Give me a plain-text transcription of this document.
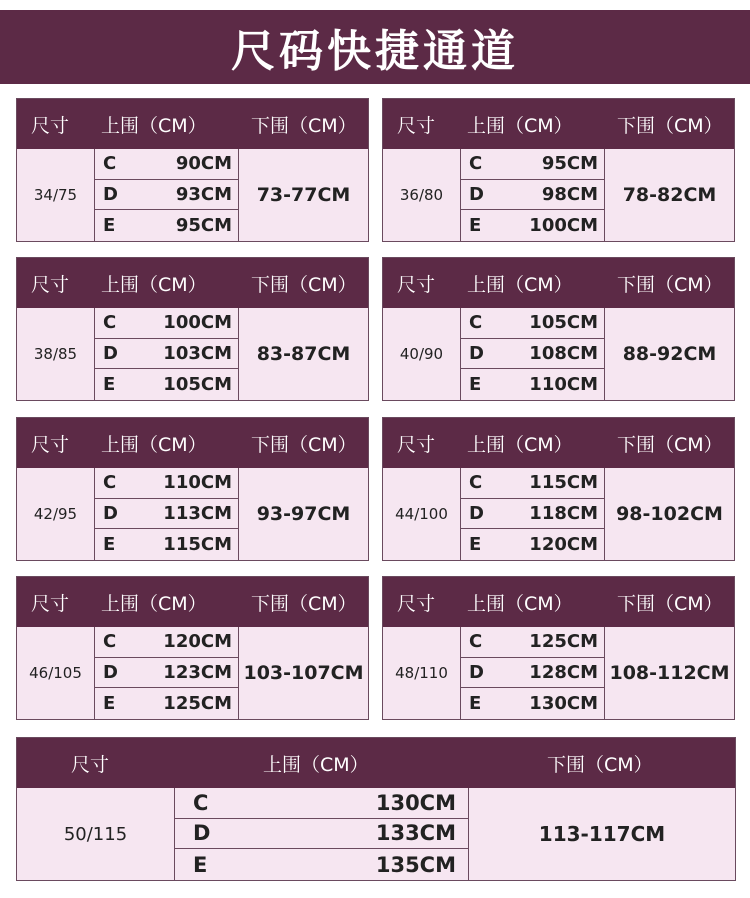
尺码快捷通道
尺寸 上围（CM） 下围（CM）
34/75
C	90CM
D	93CM
E	95CM
73-77CM
尺寸 上围（CM） 下围（CM）
36/80
C	95CM
D	98CM
E	100CM
78-82CM
尺寸 上围（CM） 下围（CM）
38/85
C	100CM
D	103CM
E	105CM
83-87CM
尺寸 上围（CM） 下围（CM）
40/90
C	105CM
D	108CM
E	110CM
88-92CM
尺寸 上围（CM） 下围（CM）
42/95
C	110CM
D	113CM
E	115CM
93-97CM
尺寸 上围（CM） 下围（CM）
44/100
C	115CM
D	118CM
E	120CM
98-102CM
尺寸 上围（CM） 下围（CM）
46/105
C	120CM
D	123CM
E	125CM
103-107CM
尺寸 上围（CM） 下围（CM）
48/110
C	125CM
D	128CM
E	130CM
108-112CM
尺寸	上围（CM）	下围（CM）
50/115
C	130CM
D	133CM
E	135CM
113-117CM
